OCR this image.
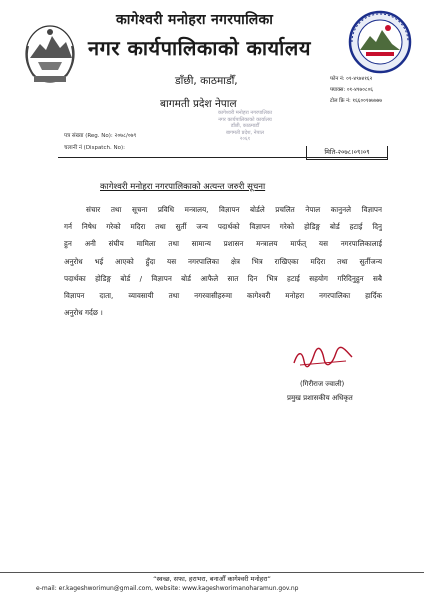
कागेश्वरी मनोहरा नगरपालिका
नगर कार्यपालिकाको कार्यालय
डाँछी, काठमाडौँ,
बागमती प्रदेश नेपाल
फोन नं: ०१-४९७४१६२
फ्याक्स: ०१-४९७०८०६
टोल फ्रि नं: १६६००१७७७७७
कागेश्वरी मनोहरा नगरपालिका
नगर कार्यपालिकाको कार्यालय
डाँछी, काठमाडौँ
बागमती प्रदेश, नेपाल
२०६१
पत्र संख्या (Reg. No): २०७८/०७९
चलानी नं (Dispatch. No):	मिति-२०७८।०९।०९
कागेश्वरी मनोहरा नगरपालिकाको अत्यन्त जरुरी सूचना
संचार तथा सूचना प्रविधि मन्त्रालय, विज्ञापन बोर्डले प्रचलित नेपाल कानुनले विज्ञापन
गर्न निषेध गरेको मदिरा तथा सुर्ती जन्य पदार्थको विज्ञापन गरेको होडिङ्ग बोर्ड हटाई दिनु
हुन अनी संघीय मामिला तथा सामान्य प्रशासन मन्त्रालय मार्फत् यस नगरपालिकालाई
अनुरोध भई आएको हुँदा यस नगरपालिका क्षेत्र भित्र राखिएका मदिरा तथा सुर्तीजन्य
पदार्थका होडिङ्ग बोर्ड / विज्ञापन बोर्ड आफैले सात दिन भित्र हटाई सहयोग गरिदिनुहुन सबै
विज्ञापन दाता, व्यावसायी तथा नगरवासीहरुमा कागेश्वरी मनोहरा नगरपालिका हार्दिक
अनुरोध गर्दछ ।
(गिरीराज ज्वाली)
प्रमुख प्रशासकीय अधिकृत
“स्वच्छ, सफा, हराभरा, बनाऔँ कागेश्वरी मनोहरा”
e-mail: er.kageshworimun@gmail.com, website: www.kageshworimanoharamun.gov.np
